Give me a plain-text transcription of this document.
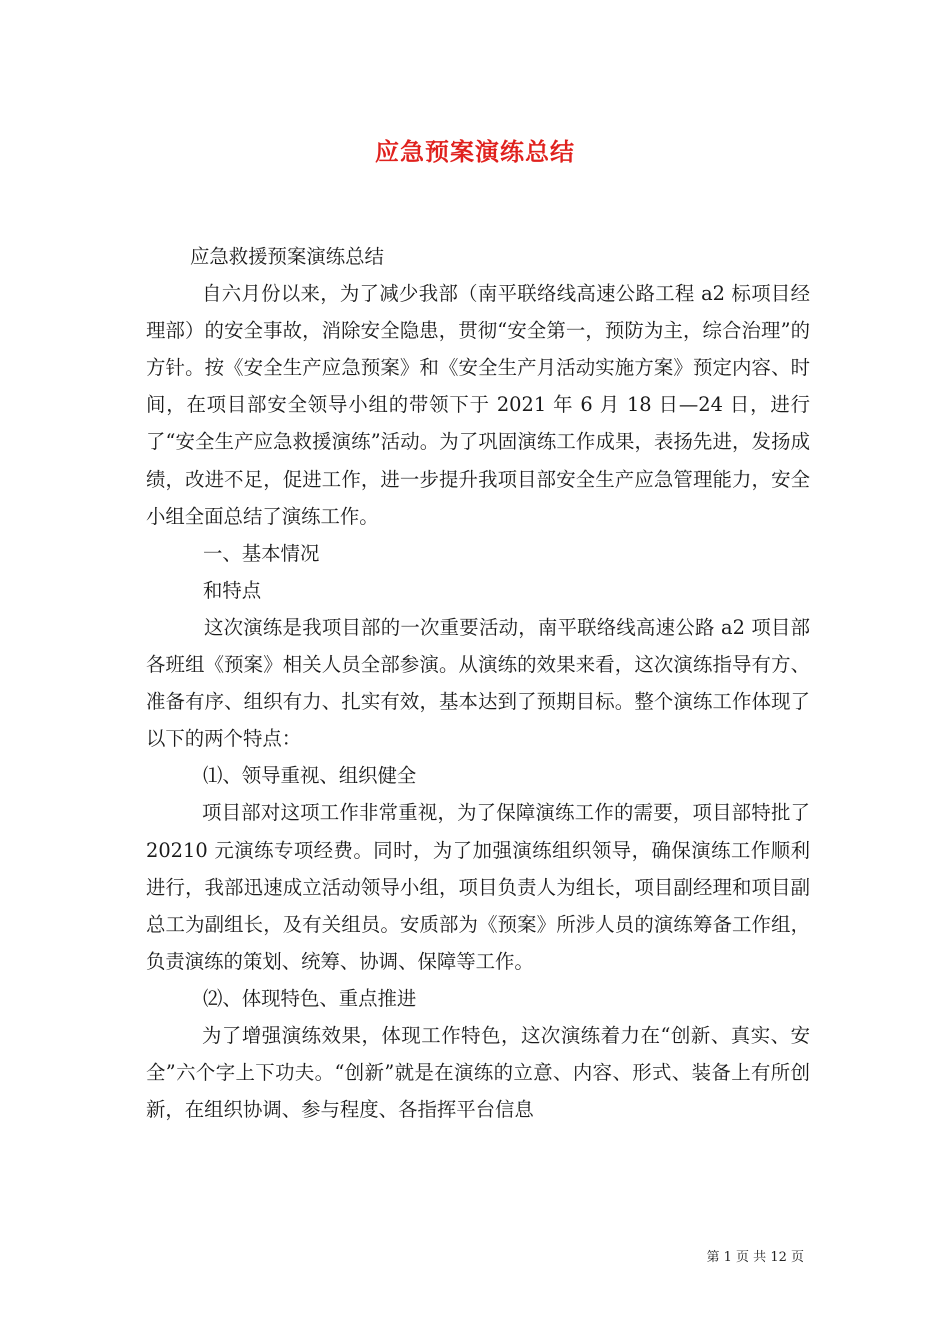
应急预案演练总结

应急救援预案演练总结

自六月份以来，为了减少我部（南平联络线高速公路工程 a2 标项目经理部）的安全事故，消除安全隐患，贯彻“安全第一，预防为主，综合治理”的方针。按《安全生产应急预案》和《安全生产月活动实施方案》预定内容、时间，在项目部安全领导小组的带领下于 2021 年 6 月 18 日—24 日，进行了“安全生产应急救援演练”活动。为了巩固演练工作成果，表扬先进，发扬成绩，改进不足，促进工作，进一步提升我项目部安全生产应急管理能力，安全小组全面总结了演练工作。

一、基本情况

和特点

这次演练是我项目部的一次重要活动，南平联络线高速公路 a2 项目部各班组《预案》相关人员全部参演。从演练的效果来看，这次演练指导有方、准备有序、组织有力、扎实有效，基本达到了预期目标。整个演练工作体现了以下的两个特点：

⑴、领导重视、组织健全

项目部对这项工作非常重视，为了保障演练工作的需要，项目部特批了 20210 元演练专项经费。同时，为了加强演练组织领导，确保演练工作顺利进行，我部迅速成立活动领导小组，项目负责人为组长，项目副经理和项目副总工为副组长，及有关组员。安质部为《预案》所涉人员的演练筹备工作组，负责演练的策划、统筹、协调、保障等工作。

⑵、体现特色、重点推进

为了增强演练效果，体现工作特色，这次演练着力在“创新、真实、安全”六个字上下功夫。“创新”就是在演练的立意、内容、形式、装备上有所创新，在组织协调、参与程度、各指挥平台信息

第 1 页 共 12 页
